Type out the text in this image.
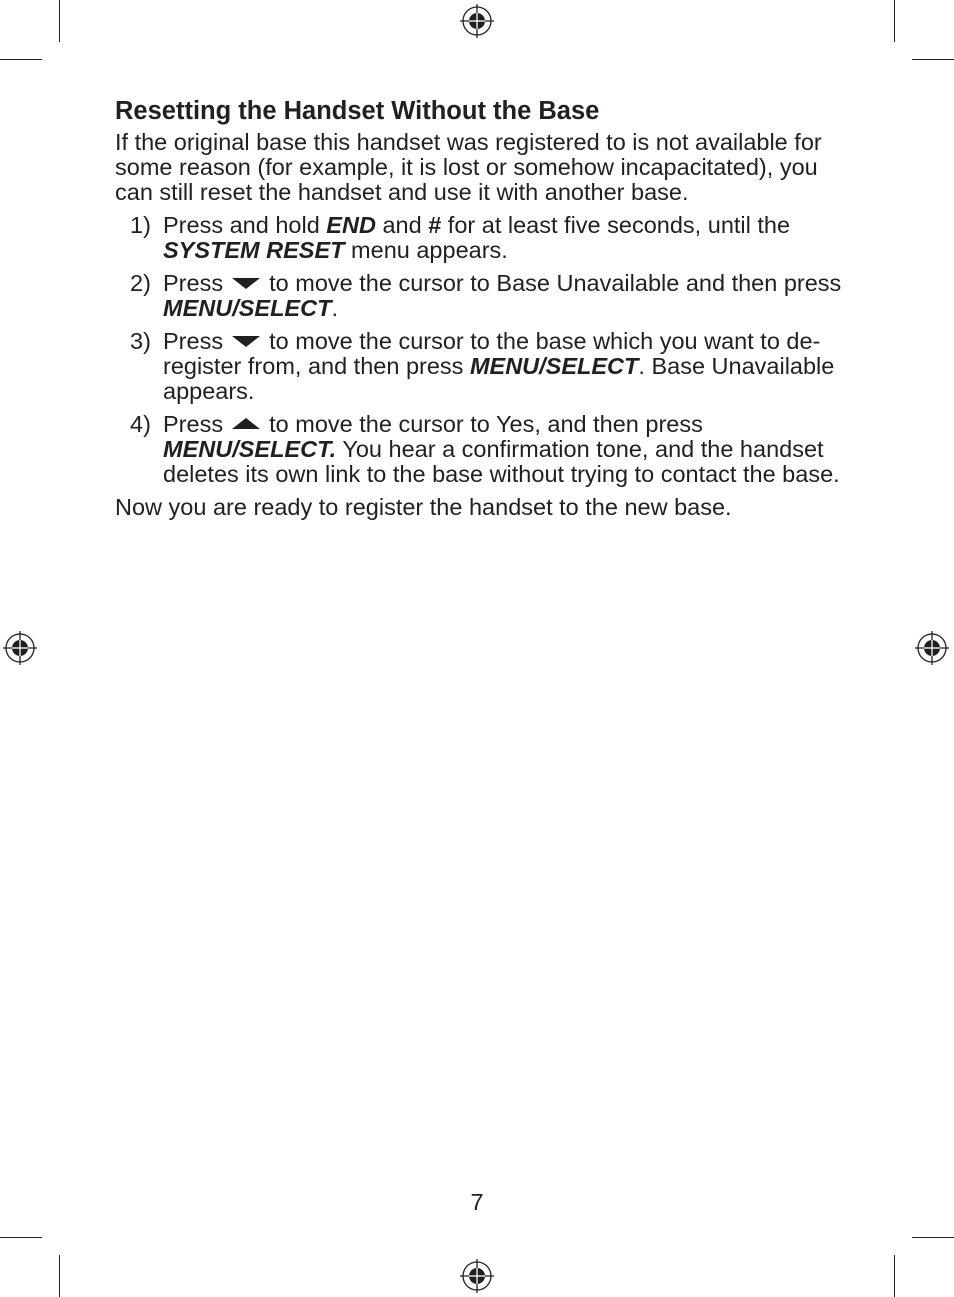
Resetting the Handset Without the Base

If the original base this handset was registered to is not available for some reason (for example, it is lost or somehow incapacitated), you can still reset the handset and use it with another base.

1) Press and hold END and # for at least five seconds, until the SYSTEM RESET menu appears.
2) Press  to move the cursor to Base Unavailable and then press MENU/SELECT.
3) Press  to move the cursor to the base which you want to de-register from, and then press MENU/SELECT. Base Unavailable appears.
4) Press  to move the cursor to Yes, and then press MENU/SELECT. You hear a confirmation tone, and the handset deletes its own link to the base without trying to contact the base.

Now you are ready to register the handset to the new base.

7
